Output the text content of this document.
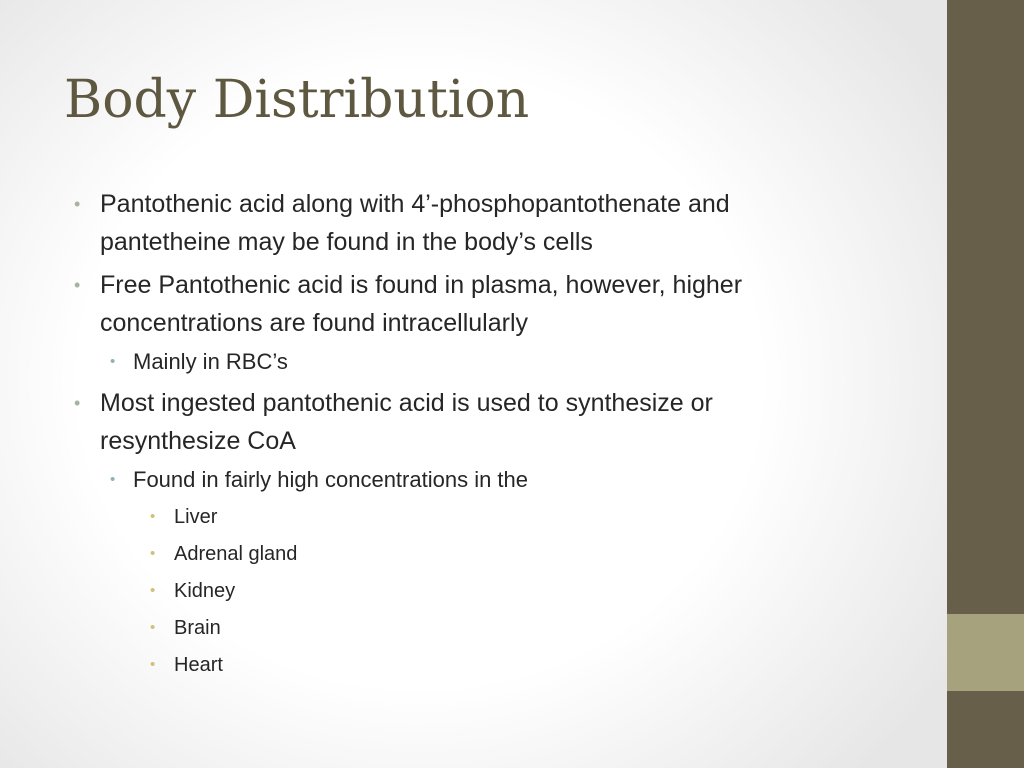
Body Distribution
• Pantothenic acid along with 4’-phosphopantothenate and
pantetheine may be found in the body’s cells
• Free Pantothenic acid is found in plasma, however, higher
concentrations are found intracellularly
• Mainly in RBC’s
• Most ingested pantothenic acid is used to synthesize or
resynthesize CoA
• Found in fairly high concentrations in the
• Liver
• Adrenal gland
• Kidney
• Brain
• Heart
